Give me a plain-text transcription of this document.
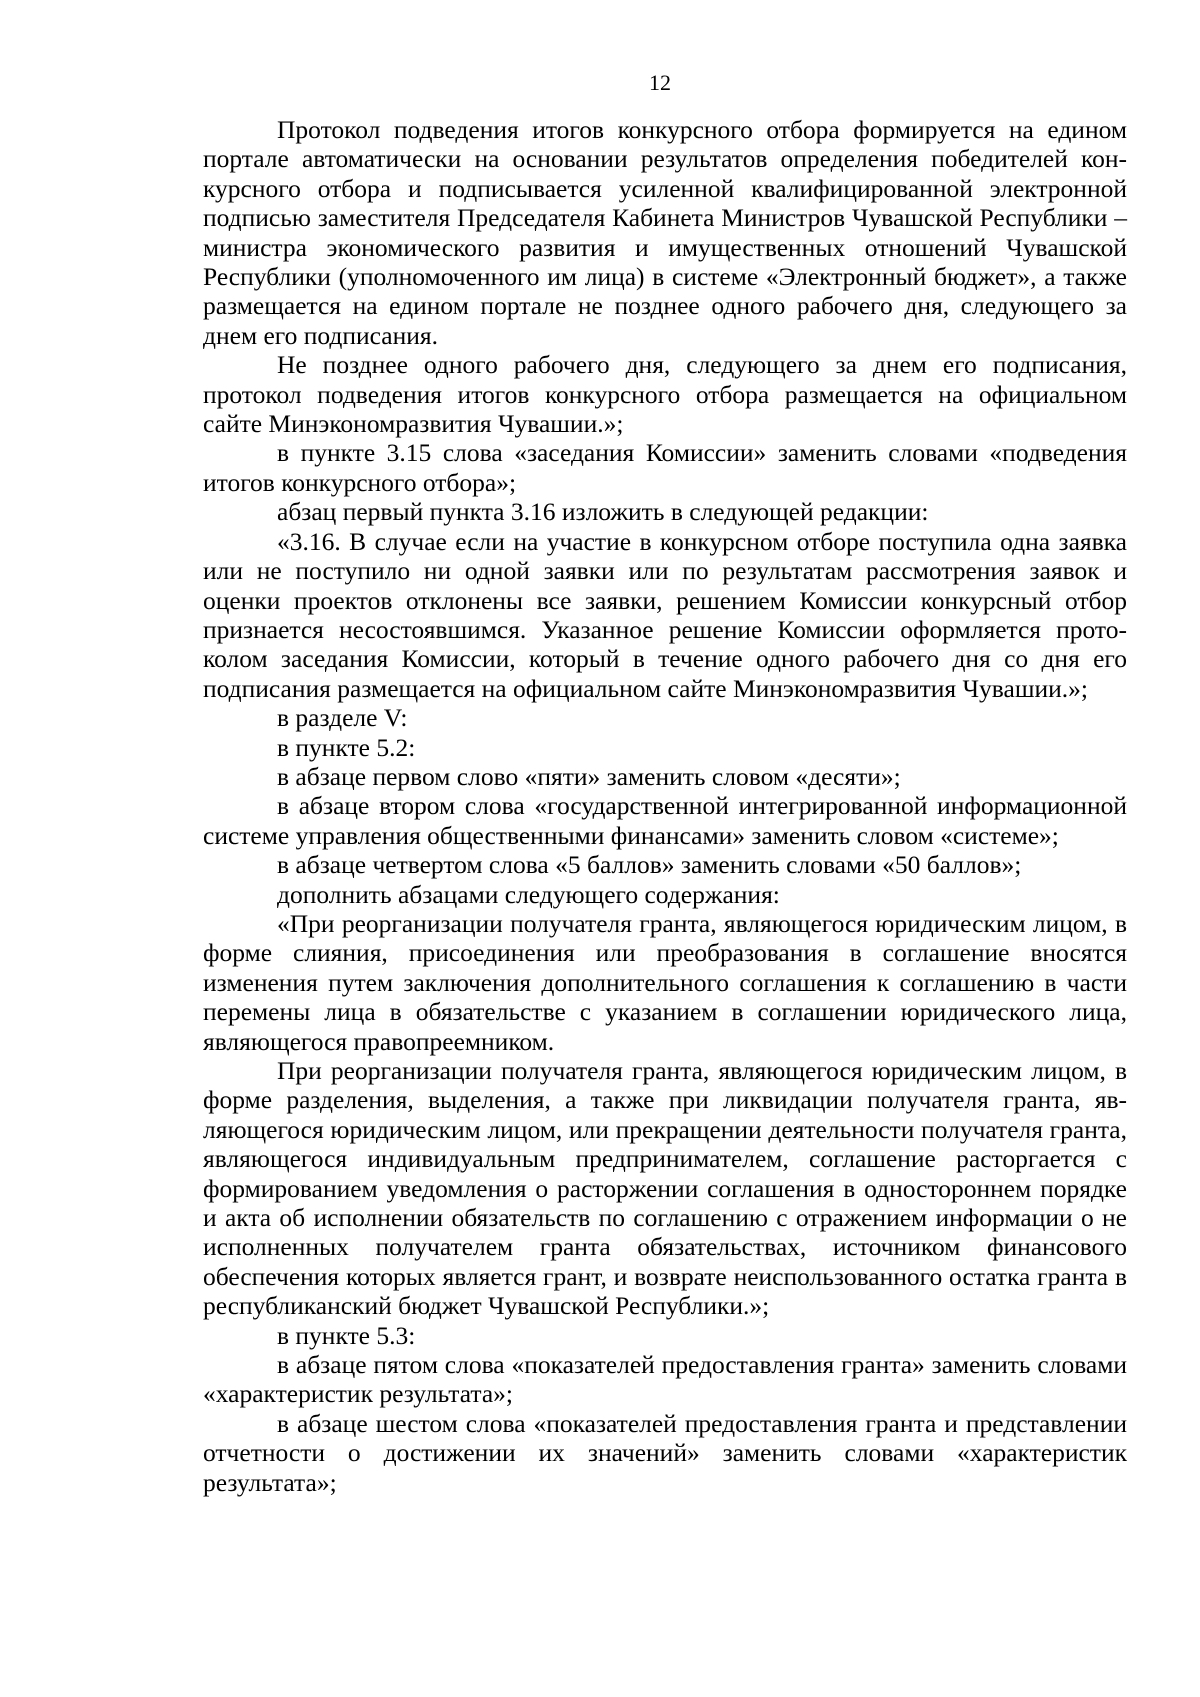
12

Протокол подведения итогов конкурсного отбора формируется на едином портале автоматически на основании результатов определения победителей конкурсного отбора и подписывается усиленной квалифицированной электронной подписью заместителя Председателя Кабинета Министров Чувашской Республики – министра экономического развития и имущественных отношений Чувашской Республики (уполномоченного им лица) в системе «Электронный бюджет», а также размещается на едином портале не позднее одного рабочего дня, следующего за днем его подписания.

Не позднее одного рабочего дня, следующего за днем его подписания, протокол подведения итогов конкурсного отбора размещается на официальном сайте Минэкономразвития Чувашии.»;

в пункте 3.15 слова «заседания Комиссии» заменить словами «подведения итогов конкурсного отбора»;

абзац первый пункта 3.16 изложить в следующей редакции:

«3.16. В случае если на участие в конкурсном отборе поступила одна заявка или не поступило ни одной заявки или по результатам рассмотрения заявок и оценки проектов отклонены все заявки, решением Комиссии конкурсный отбор признается несостоявшимся. Указанное решение Комиссии оформляется протоколом заседания Комиссии, который в течение одного рабочего дня со дня его подписания размещается на официальном сайте Минэкономразвития Чувашии.»;

в разделе V:

в пункте 5.2:

в абзаце первом слово «пяти» заменить словом «десяти»;

в абзаце втором слова «государственной интегрированной информационной системе управления общественными финансами» заменить словом «системе»;

в абзаце четвертом слова «5 баллов» заменить словами «50 баллов»;

дополнить абзацами следующего содержания:

«При реорганизации получателя гранта, являющегося юридическим лицом, в форме слияния, присоединения или преобразования в соглашение вносятся изменения путем заключения дополнительного соглашения к соглашению в части перемены лица в обязательстве с указанием в соглашении юридического лица, являющегося правопреемником.

При реорганизации получателя гранта, являющегося юридическим лицом, в форме разделения, выделения, а также при ликвидации получателя гранта, являющегося юридическим лицом, или прекращении деятельности получателя гранта, являющегося индивидуальным предпринимателем, соглашение расторгается с формированием уведомления о расторжении соглашения в одностороннем порядке и акта об исполнении обязательств по соглашению с отражением информации о не исполненных получателем гранта обязательствах, источником финансового обеспечения которых является грант, и возврате неиспользованного остатка гранта в республиканский бюджет Чувашской Республики.»;

в пункте 5.3:

в абзаце пятом слова «показателей предоставления гранта» заменить словами «характеристик результата»;

в абзаце шестом слова «показателей предоставления гранта и представлении отчетности о достижении их значений» заменить словами «характеристик результата»;
